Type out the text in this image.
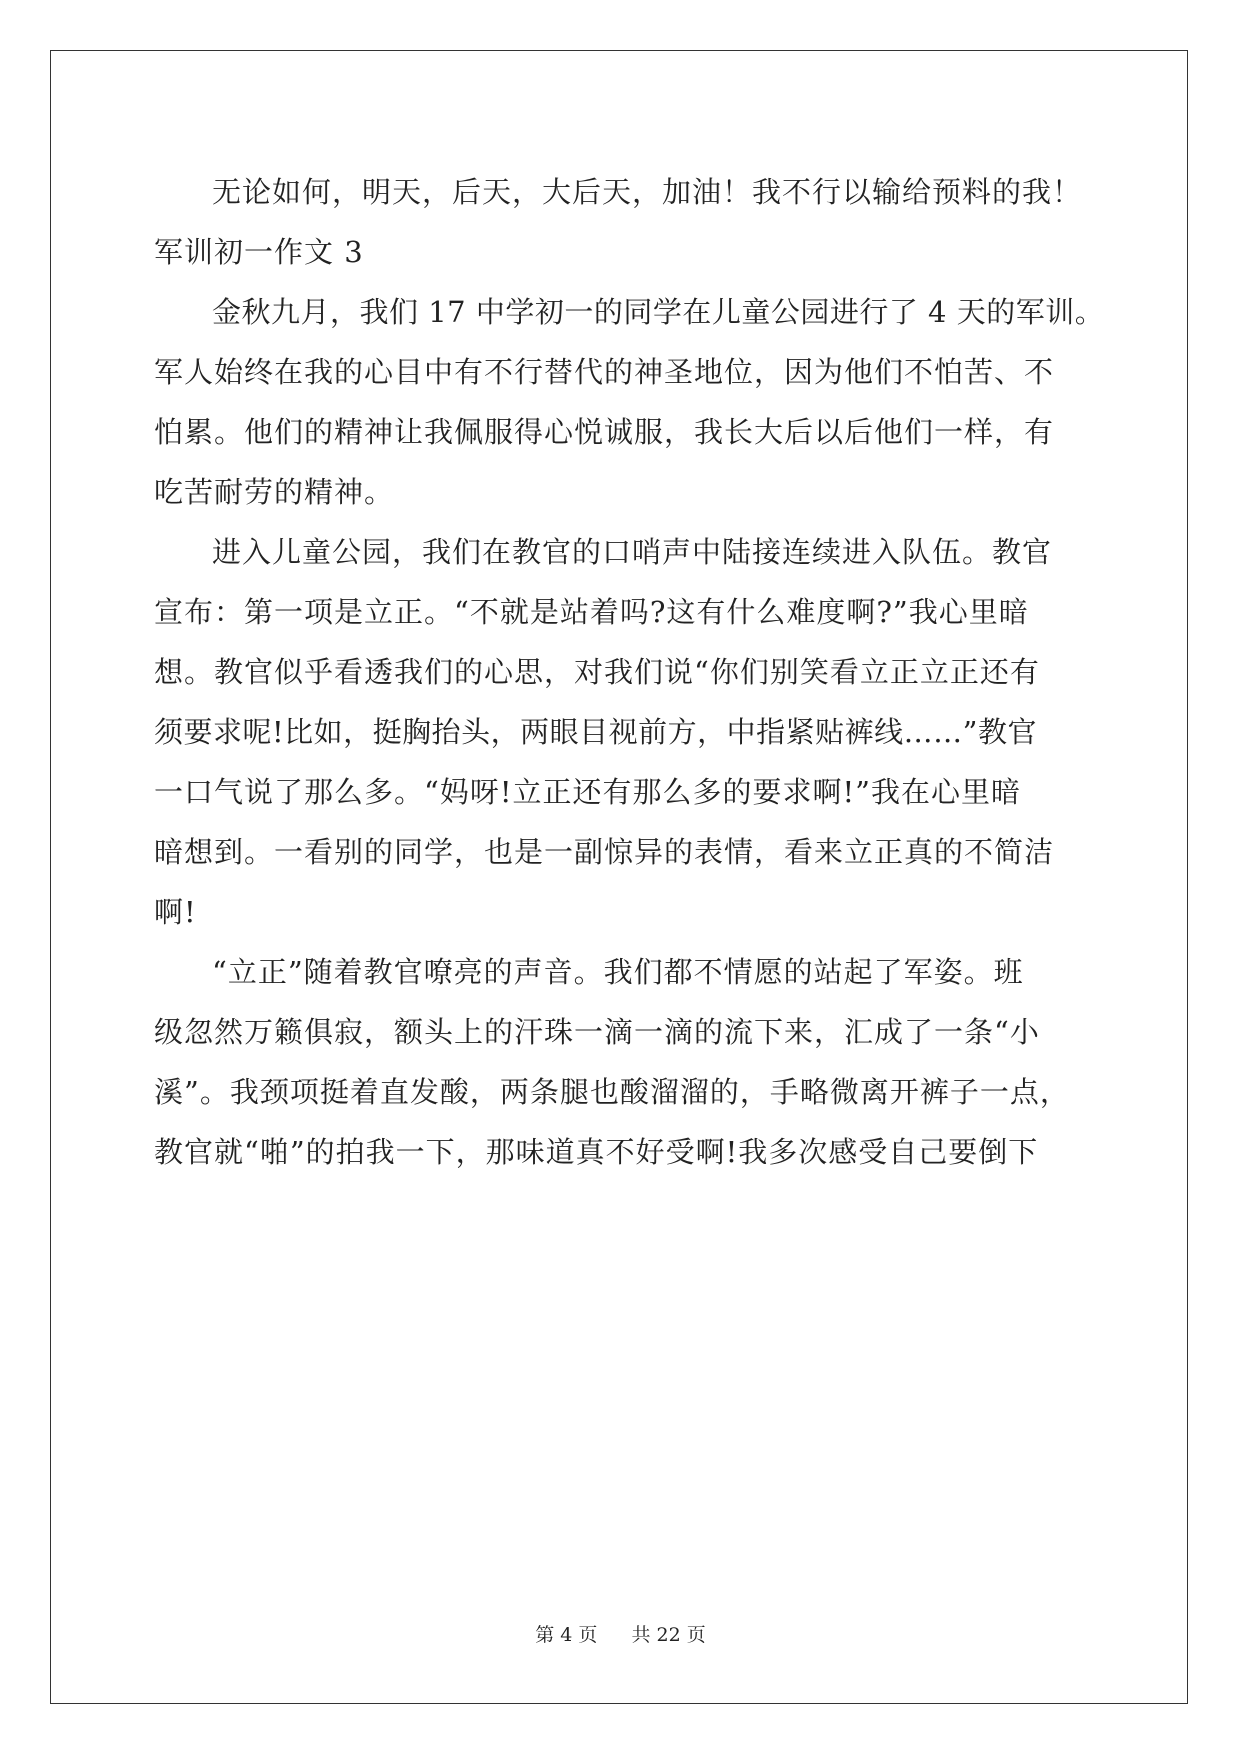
无论如何，明天，后天，大后天，加油！我不行以输给预料的我！
军训初一作文 3
金秋九月，我们 17 中学初一的同学在儿童公园进行了 4 天的军训。
军人始终在我的心目中有不行替代的神圣地位，因为他们不怕苦、不
怕累。他们的精神让我佩服得心悦诚服，我长大后以后他们一样，有
吃苦耐劳的精神。
进入儿童公园，我们在教官的口哨声中陆接连续进入队伍。教官
宣布：第一项是立正。“不就是站着吗?这有什么难度啊?”我心里暗
想。教官似乎看透我们的心思，对我们说“你们别笑看立正立正还有
须要求呢!比如，挺胸抬头，两眼目视前方，中指紧贴裤线……”教官
一口气说了那么多。“妈呀!立正还有那么多的要求啊!”我在心里暗
暗想到。一看别的同学，也是一副惊异的表情，看来立正真的不简洁
啊!
“立正”随着教官嘹亮的声音。我们都不情愿的站起了军姿。班
级忽然万籁俱寂，额头上的汗珠一滴一滴的流下来，汇成了一条“小
溪”。我颈项挺着直发酸，两条腿也酸溜溜的，手略微离开裤子一点，
教官就“啪”的拍我一下，那味道真不好受啊!我多次感受自己要倒下
第 4 页 共 22 页
